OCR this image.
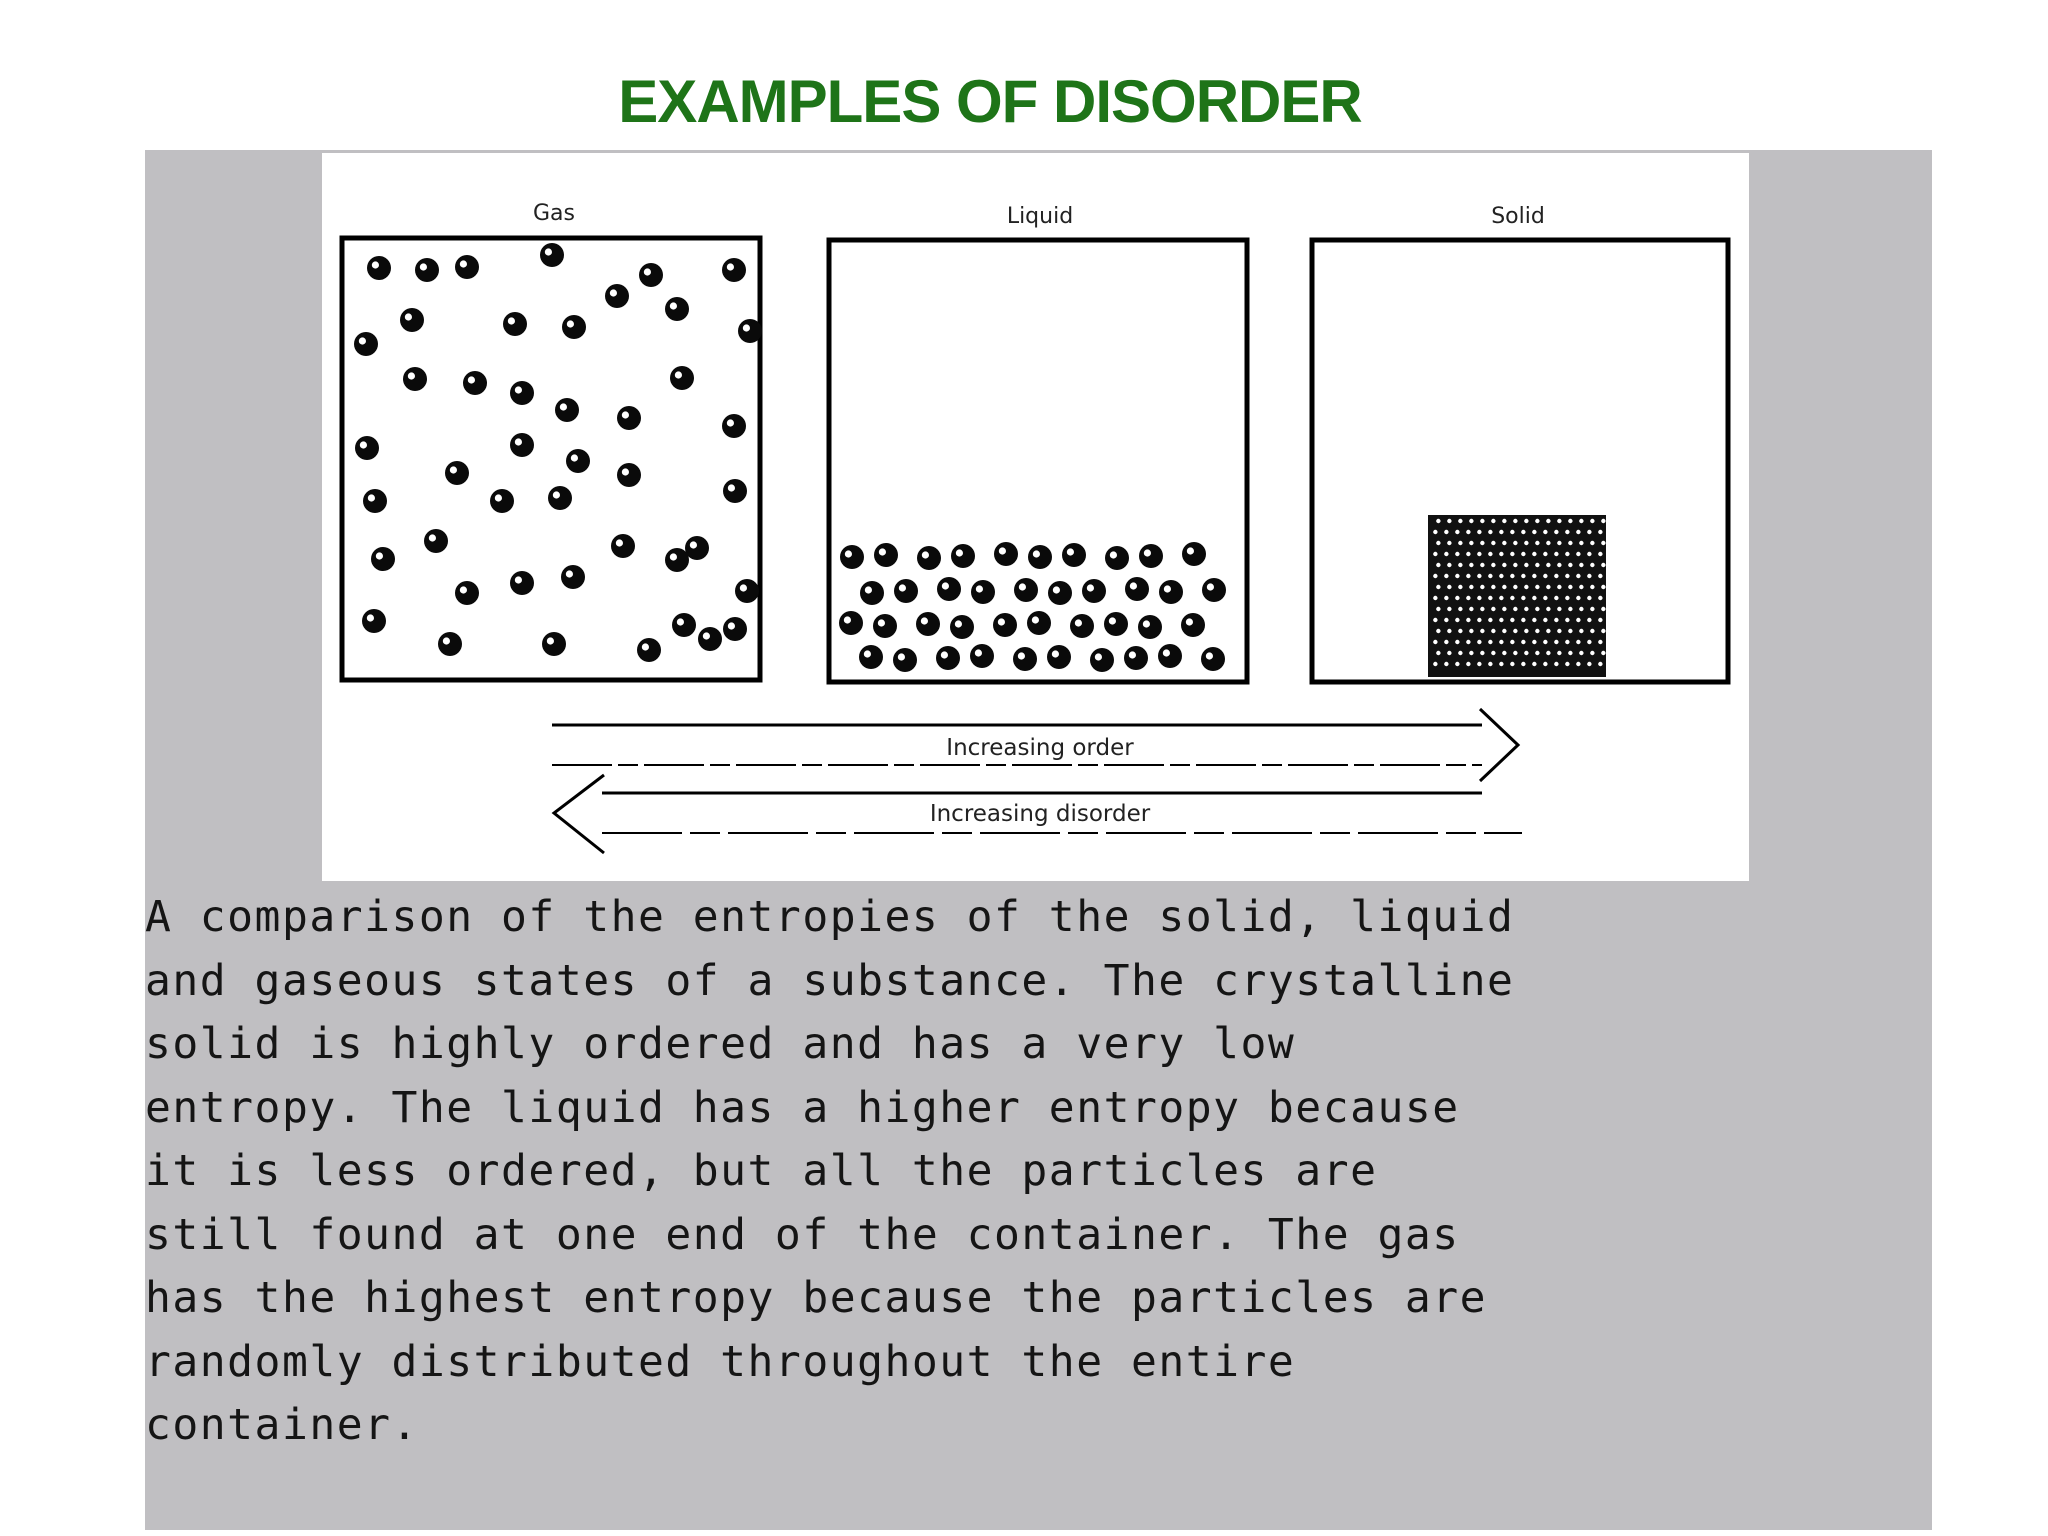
EXAMPLES OF DISORDER
Gas	Liquid	Solid
Increasing order
Increasing disorder

A comparison of the entropies of the solid, liquid
and gaseous states of a substance. The crystalline
solid is highly ordered and has a very low
entropy. The liquid has a higher entropy because
it is less ordered, but all the particles are
still found at one end of the container. The gas
has the highest entropy because the particles are
randomly distributed throughout the entire
container.
